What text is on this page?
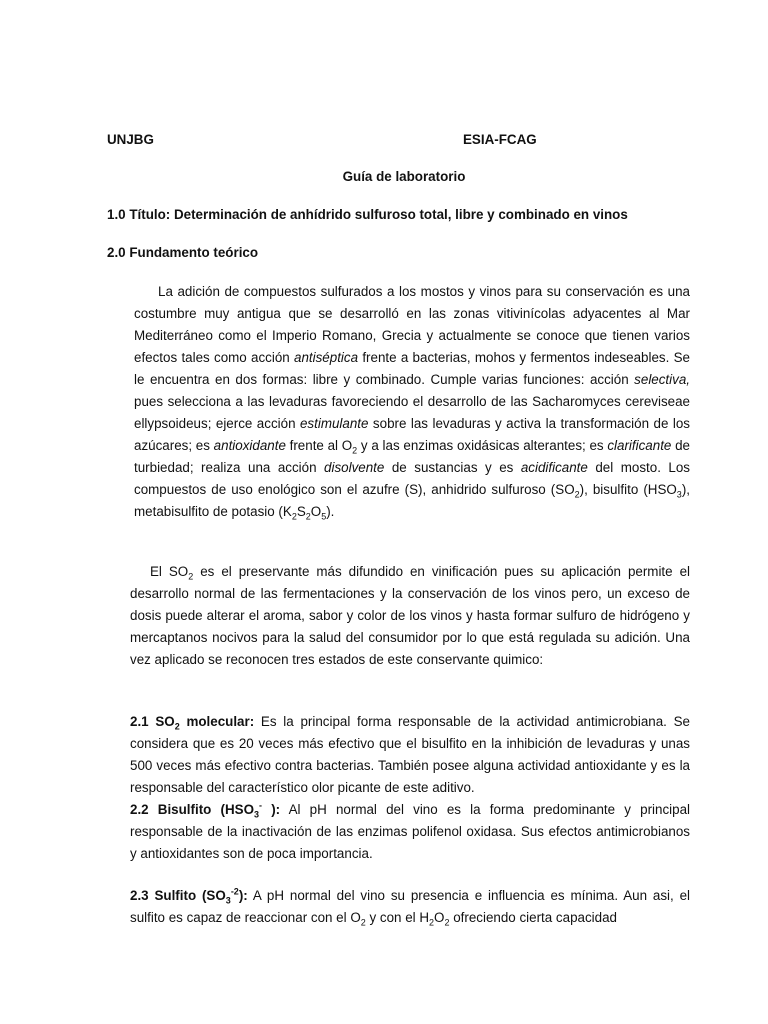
UNJBG	ESIA-FCAG
Guía de laboratorio
1.0 Título: Determinación de anhídrido sulfuroso total, libre y combinado en vinos
2.0 Fundamento teórico
La adición de compuestos sulfurados a los mostos y vinos para su conservación es una costumbre muy antigua que se desarrolló en las zonas vitivinícolas adyacentes al Mar Mediterráneo como el Imperio Romano, Grecia y actualmente se conoce que tienen varios efectos tales como acción antiséptica frente a bacterias, mohos y fermentos indeseables. Se le encuentra en dos formas: libre y combinado. Cumple varias funciones: acción selectiva, pues selecciona a las levaduras favoreciendo el desarrollo de las Sacharomyces cereviseae ellypsoideus; ejerce acción estimulante sobre las levaduras y activa la transformación de los azúcares; es antioxidante frente al $O_2$ y a las enzimas oxidásicas alterantes; es clarificante de turbiedad; realiza una acción disolvente de sustancias y es acidificante del mosto. Los compuestos de uso enológico son el azufre (S), anhidrido sulfuroso $(SO_2)$, bisulfito $(HSO_3)$, metabisulfito de potasio $(K_2S_2O_5)$.
El $SO_2$ es el preservante más difundido en vinificación pues su aplicación permite el desarrollo normal de las fermentaciones y la conservación de los vinos pero, un exceso de dosis puede alterar el aroma, sabor y color de los vinos y hasta formar sulfuro de hidrógeno y mercaptanos nocivos para la salud del consumidor por lo que está regulada su adición. Una vez aplicado se reconocen tres estados de este conservante quimico:
2.1 $SO_2$ molecular: Es la principal forma responsable de la actividad antimicrobiana. Se considera que es 20 veces más efectivo que el bisulfito en la inhibición de levaduras y unas 500 veces más efectivo contra bacterias. También posee alguna actividad antioxidante y es la responsable del característico olor picante de este aditivo.
2.2 Bisulfito ($HSO_3^-$ ): Al pH normal del vino es la forma predominante y principal responsable de la inactivación de las enzimas polifenol oxidasa. Sus efectos antimicrobianos y antioxidantes son de poca importancia.
2.3 Sulfito $(SO_3^{-2})$: A pH normal del vino su presencia e influencia es mínima. Aun asi, el sulfito es capaz de reaccionar con el $O_2$ y con el $H_2O_2$ ofreciendo cierta capacidad
